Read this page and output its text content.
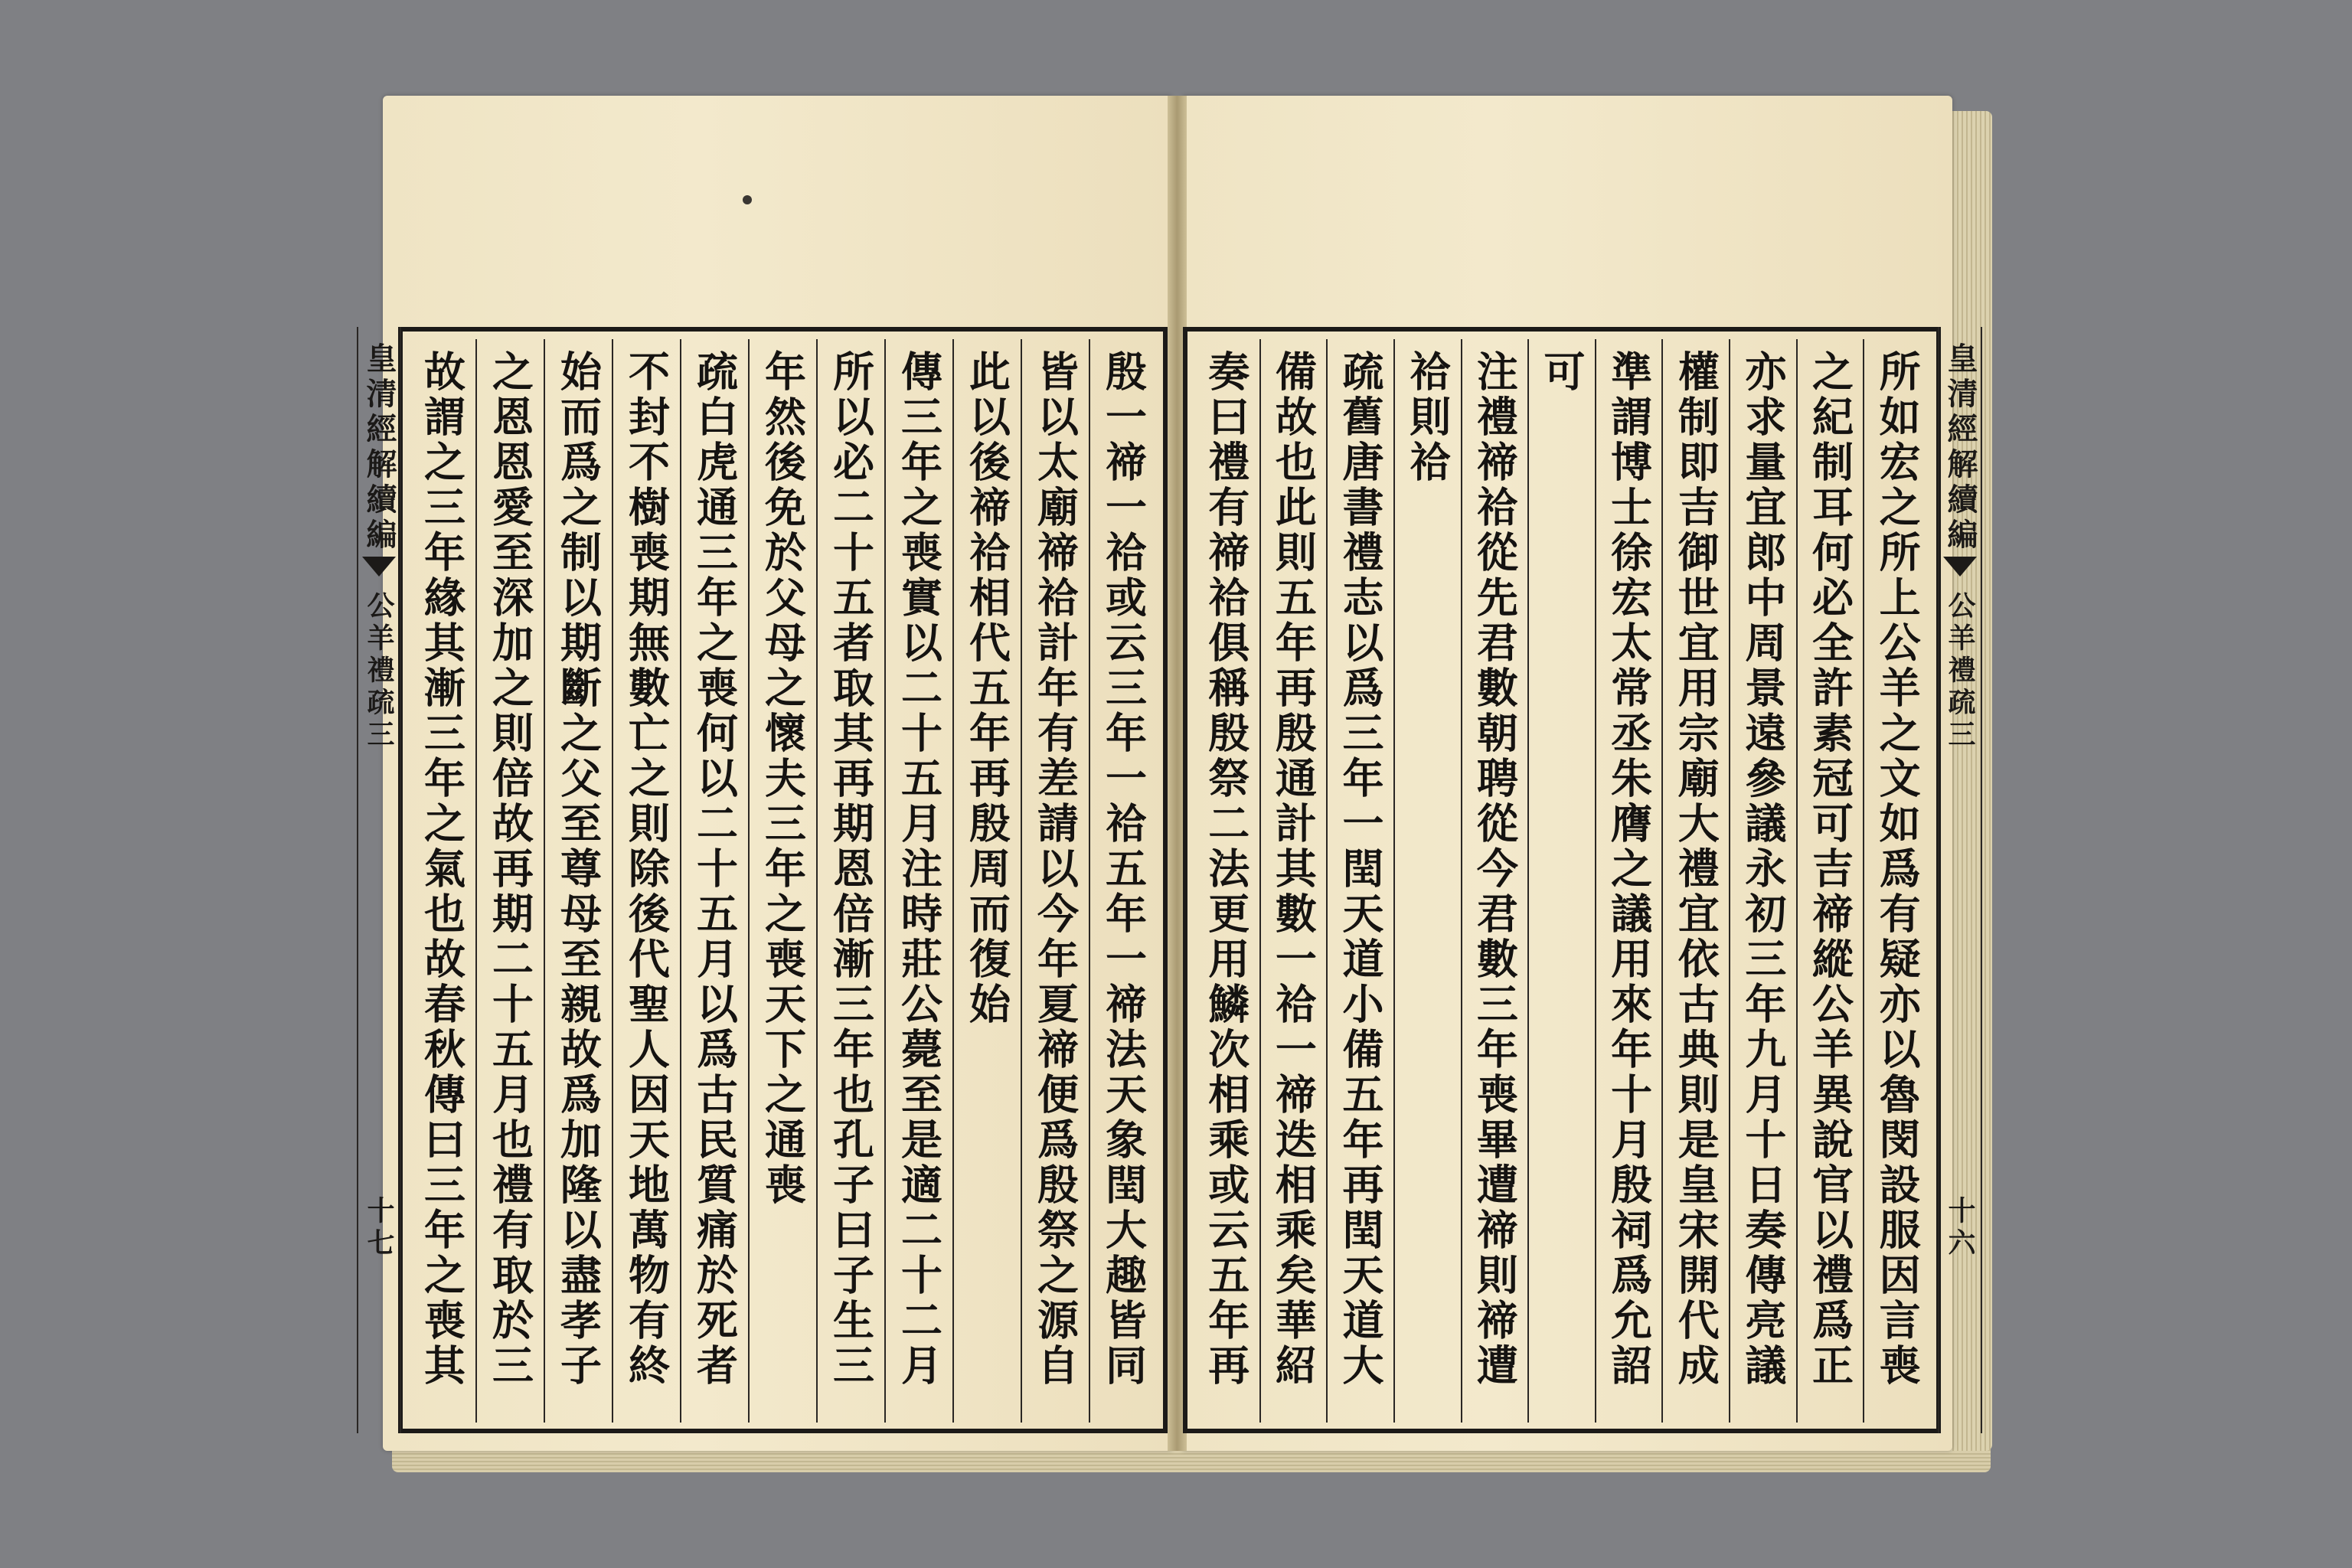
殷一禘一祫或云三年一祫五年一禘法天象閏大趣皆同
皆以太廟禘祫計年有差請以今年夏禘便爲殷祭之源自
此以後禘祫相代五年再殷周而復始
傳三年之喪實以二十五月注時莊公薨至是適二十二月
所以必二十五者取其再期恩倍漸三年也孔子曰子生三
年然後免於父母之懷夫三年之喪天下之通喪
疏白虎通三年之喪何以二十五月以爲古民質痛於死者
不封不樹喪期無數亡之則除後代聖人因天地萬物有終
始而爲之制以期斷之父至尊母至親故爲加隆以盡孝子
之恩恩愛至深加之則倍故再期二十五月也禮有取於三
故謂之三年緣其漸三年之氣也故春秋傳曰三年之喪其
皇清經解續編
公羊禮疏三
十七	所如宏之所上公羊之文如爲有疑亦以魯閔設服因言喪
之紀制耳何必全許素冠可吉禘縱公羊異說官以禮爲正
亦求量宜郎中周景遠參議永初三年九月十日奏傳亮議
權制即吉御世宜用宗廟大禮宜依古典則是皇宋開代成
準謂博士徐宏太常丞朱膺之議用來年十月殷祠爲允詔
可
注禮禘祫從先君數朝聘從今君數三年喪畢遭禘則禘遭
祫則祫
疏舊唐書禮志以爲三年一閏天道小備五年再閏天道大
備故也此則五年再殷通計其數一祫一禘迭相乘矣華紹
奏曰禮有禘祫俱稱殷祭二法更用鱗次相乘或云五年再	皇清經解續編
公羊禮疏三
十六
